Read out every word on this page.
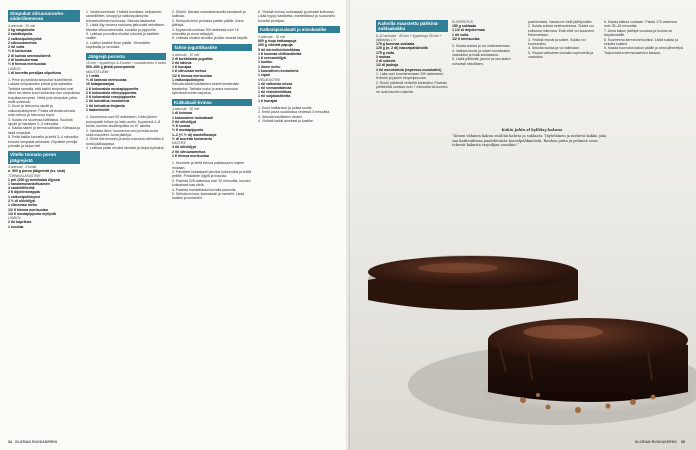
Simpukat sitruunaruoho-siideriliemessä
4 annosta · 20 min
2 kg simpukoita
2 salottisipulia
2 valkosipulinkynttä
2 sitruunaruohoa
2 rkl voita
½ tl kurkumaa
2 dl kuivaa omenasiideriä
2 dl kuohukermaa
½ tl hienoa merisuolaa
LISÄKSI
1 dl tuoretta persiljaa silputtuna
1. Pese ja puhdista simpukat huolellisesti. Lukkaa simpukoiden parrat pois sakseilla. Tarkista samalla, että kaikki simpukat ovat kiinni tai niiden kuori sulkeutuu kun simpukkaa koputtaa kevyesti. Heitä pois simpukat, jotka eivät sulkeudu.
2. Kuori ja hienonna sipulit ja valkosipulinkynnet. Poista sitruunaruohosta uloin kerros ja hienonna loput.
3. Sulata voi suuressa kattilassa. Kuullota sipulit ja mausteet 2–3 minuuttia.
4. Kaada siideri ja kerma kattilaan. Kiehauta ja lisää simpukat.
5. Peitä kattila kannella ja keitä 3–4 minuuttia, kunnes simpukat aukeavat. Ripottele persilja pinnalle ja tarjoa heti.
Vitello tonnato poron jäägrejistä
4 annosta · 2 tuntia
n. 500 g poron jäägreistä (kv. sisä)
TONNIKALAKASTIKE
1 prk (200 g) tonnikalaa öljyssä
1 kananmunankeltuainen
4 sardellifileettä
2 tl dijoninsinappia
1 valkosipulinkynsi
2 ½ dl oliiviöljyä
1 sitruunan mehu
1/2 tl hienoa merisuolaa
1/4 tl mustapippuria myllystä
LISÄKSI
2 rkl kapriksia
1 rucolaa
1. Valuta tonnikala. Yhdistä tonnikala, keltuainen, sardellifileet, sinappi ja valkosipulinkynsi tehosekoittimen kulhossa. Sekoita tasaiseksi.
2. Lisää öljy ohuena nauhana jatkuvasti sekoittaen. Mausta sitruunamehulla, suolalla ja pippurilla.
3. Leikkaa poronliha ohuiksi siivuiksi ja asettele vadille.
4. Lusikoi kastike lihan päälle. Viimeistele kapriksilla ja rucolalla.
Jäägrejä porosta
10 min + kypsennys 4–8 tuntia + maustaminen 6 tuntia
500–800 g jäistä poronpaistia
MAUSTELIEMI
1 l vettä
½ dl karkeaa merisuolaa
10 katajanmarjaa
1 tl kokonaisia mustapippureita
2 tl kokonaisia viherpippureita
2 tl kokonaisia rosepippureita
1 rkl kuivattua rosmariinia
1 rkl kuivattua timjamia
1 laakerinlehti
1. Kuumenna uuni 90 asteeseen. Kääri jäinen poronpaisti folioon ja laita uuniin. Kypsennä 4–8 tuntia, kunnes sisälämpötila on 67 astetta.
2. Valmista liemi: kuumenna vesi ja lisää suola sekä mausteet. Anna jäähtyä.
3. Siirrä liha liemeen ja anna maustua vähintään 6 tuntia jääkaapissa.
4. Leikkaa paisti ohuiksi siivuiksi ja tarjoa kylmänä.
2. Siivilöi. Mausta mausteseoksella tasaisesti ja kalkkaa.
3. Kiehauta liemi ja kaada paistin päälle. Anna jäähtyä.
4. Kypsennä uunissa 200 asteessa noin 15 minuuttia ja anna vetäytyä.
5. Leikkaa ohuiksi siivuiksi ja laita ohuesti tarjolle.
Tahini-jogurttikastike
4 annosta · 10 min
2 dl turkkilaista jogurttia
2 rkl tahinia
1 tl hunajaa
1 tl sitruunan mehua
1/2 tl hienoa merisuolaa
1 valkosipulinkynsi
Sekoita kaikki kastikkeen aineet keskenään tasaiseksi. Tarkista maku ja anna maustua kylmässä ennen tarjoilua.
Kukkakaali-kvinoa
4 annosta · 30 min
1 dl kvinoaa
1 kokonainen kukkakaali
2 rkl oliiviöljyä
½ tl suolaa
½ tl mustapippuria
1–2 (½ ½ dl) mantelilastuja
½ dl tuoretta korianteria
KASTIKE
4 rkl oliiviöljyä
2 rkl sitruunamehua
1 tl hienoa merisuolaa
1. Huuhtele ja keitä kvinoa pakkauksen ohjeen mukaan.
2. Paloittele kukkakaali pieniksi kukinnoiksi ja levitä pellille. Pirskottele öljyllä ja mausta.
3. Paahda 225 asteessa noin 20 minuuttia, kunnes kukkakaali saa väriä.
4. Paahda mantelilastut kuivalla pannulla.
5. Sekoita kvinoa, kukkakaali ja mantelit. Lisää kastike ja korianteri.
6. Yhdistä kvinoa, kukkakaali ja pinaatti kulhossa. Lisää hyppy kastiketta, mantelilastut ja ruusuneito tuoretta persiljaa.
Katkarapusalaatti ja misokastike
4 annosta · 10 min
800 g isoja katkarapuja
200 g vihreitä papuja
5 rkl mirinriisiviinietikkaa
1 tl kuumaa chilikastiketta
1 tl seesamiöljyä
1 kurkku
1 limen mehu
1 kourallinen korianteria
1 sipuli
MISOKASTIKE
1 rkl valkoista misoa
1 rkl seesamitahnaa
1 rkl riisiviinietikkaa
1 rkl soijakastiketta
1 tl hunajaa
1. Kuori katkaravut ja poista suolet.
2. Keitä pavut suolatussa vedessä 3 minuuttia.
3. Sekoita kastikkeen aineet.
4. Yhdistä kaikki ainekset ja kastike.
34 GLORIAN RUOKAKERHO
Kahvilla maustettu pähkinä-suklaakakku
8–10 annosta · 40 min + kypsennys 35 min + jäähdytys 1 h
175 g tummaa suklaata
125 g (n. 2 dl) hasselpähkinöitä
175 g voita
3 munaa
2 dl sokeria
1/2 dl jauhoja
3 rkl murukahvia (espresso-murukahvi)
1. Laita uuni kuumenemaan 200 asteeseen. Kohtele ja jauhin irtopohjavuoka.
2. Rouhi pähkinät veitsellä karkeaksi. Paahda pähkinöitä uunissa noin 7 minuuttia tai kunnes ne ovat kauniin ruskeita.
KUORRUTUS
150 g suklaata
1 1/2 dl rinjukermaa
1 rkl voita
1/2 tl merisuolaa
3. Sulata suklaa ja voi vesihauteessa.
4. Vatkaa munat ja sokeri kuohkeaksi vaahdoksi ja lisää suklaaseos.
5. Lisää pähkinät, jauhot ja murukahvi varovasti sekoittaen.
paahtumista. Vaivaa ne vielä jäähtymään.
2. Sulata suklaa vesihauteessa. Sulata voi kulhossa mikrossa. Estä ettei voi kuumene. Ravinnetaan.
3. Yhdistä munat ja sokeri. Sulata voi kuohuvaksi.
4. Sekoita suklaa ja voi taikinaan.
5. Vispaa vatkaimen kovalla nopeudella ja vaahdota.
6. Kaada taikina vuokaan. Paista 175 asteessa noin 35–45 minuuttia.
7. Anna kakun jäähtyä vuoassa ja kumoa se tarjoiluvadille.
8. Kuumenna kerma kiehuvaksi. Lisää suklaa ja sekoita sulaksi.
9. Kaada kuorrutus kakun päälle ja anna jähmettyä. Tarjoa kakku kermavaahdon kanssa.
Kokin johto el kylläisy kokona
”Kenen vähinen kakun sisältää kahvia ja suklaata. Täyteläinen ja mehevä kakku joka saa karkeudensa paahdetuista hasselpähkinöistä. Rouhea pinta ja pehmeä sisus tekevät kakusta tarjoilijan suosikin.”
GLORIAN RUOKAKERHO 35
